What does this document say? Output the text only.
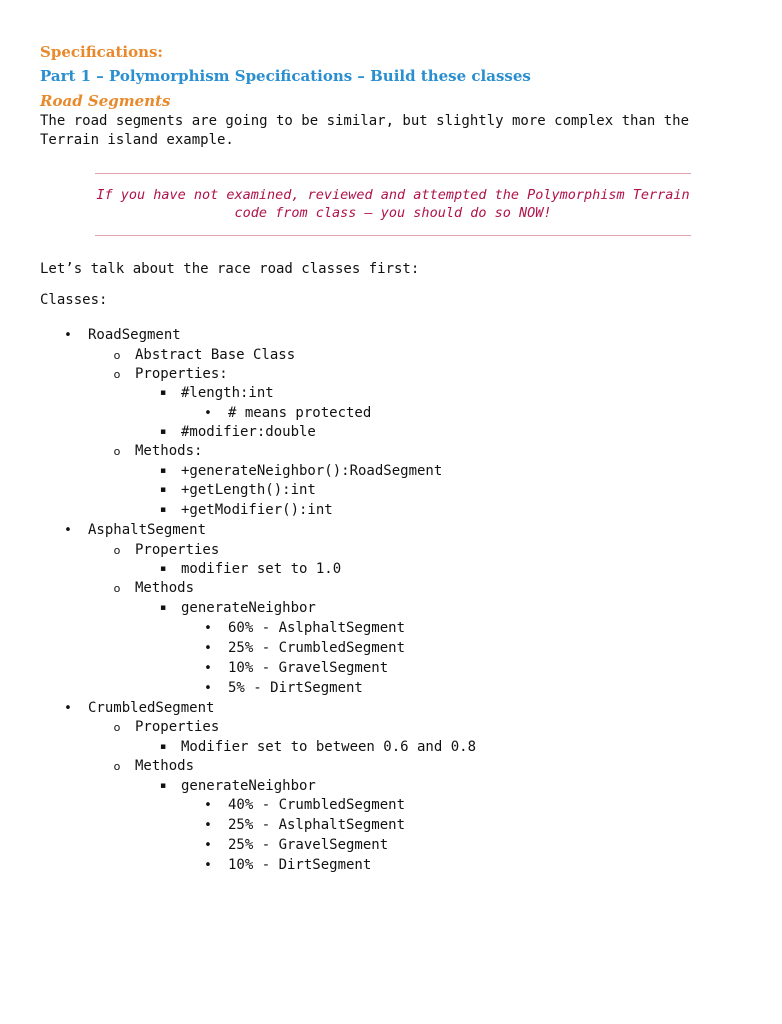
Specifications:
Part 1 – Polymorphism Specifications – Build these classes
Road Segments

The road segments are going to be similar, but slightly more complex than the Terrain island example.

If you have not examined, reviewed and attempted the Polymorphism Terrain
code from class – you should do so NOW!
Let’s talk about the race road classes first:
Classes:
• RoadSegment
o Abstract Base Class
o Properties:
▪ #length:int
• # means protected
▪ #modifier:double
o Methods:
▪ +generateNeighbor():RoadSegment
▪ +getLength():int
▪ +getModifier():int
• AsphaltSegment
o Properties
▪ modifier set to 1.0
o Methods
▪ generateNeighbor
• 60% - AslphaltSegment
• 25% - CrumbledSegment
• 10% - GravelSegment
• 5% - DirtSegment
• CrumbledSegment
o Properties
▪ Modifier set to between 0.6 and 0.8
o Methods
▪ generateNeighbor
• 40% - CrumbledSegment
• 25% - AslphaltSegment
• 25% - GravelSegment
• 10% - DirtSegment
